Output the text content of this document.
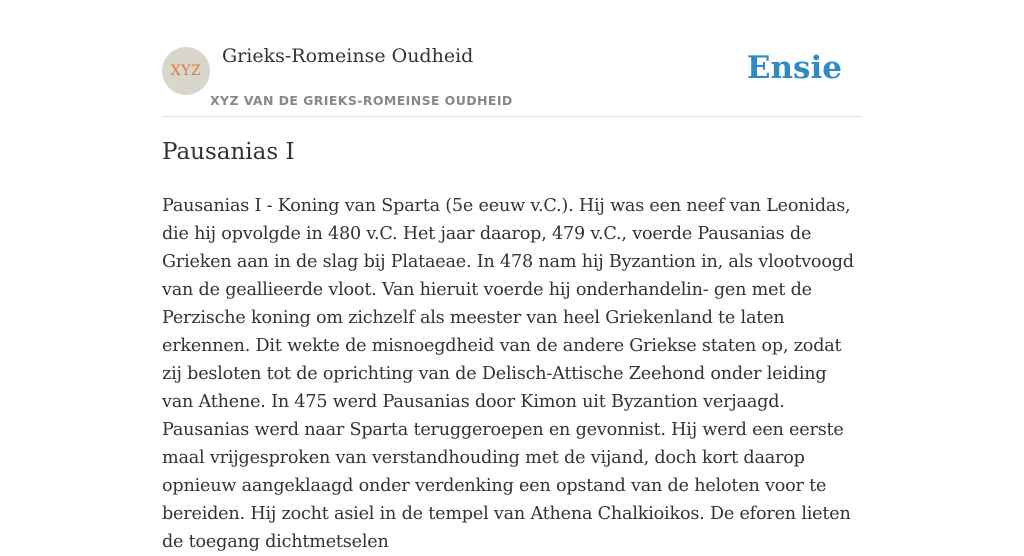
XYZ
Grieks-Romeinse Oudheid
XYZ VAN DE GRIEKS-ROMEINSE OUDHEID
Ensie
Pausanias I

Pausanias I - Koning van Sparta (5e eeuw v.C.). Hij was een neef van Leonidas, die hij opvolgde in 480 v.C. Het jaar daarop, 479 v.C., voerde Pausanias de Grieken aan in de slag bij Plataeae. In 478 nam hij Byzantion in, als vlootvoogd van de geallieerde vloot. Van hieruit voerde hij onderhandelin- gen met de Perzische koning om zichzelf als meester van heel Griekenland te laten erkennen. Dit wekte de misnoegdheid van de andere Griekse staten op, zodat zij besloten tot de oprichting van de Delisch-Attische Zeehond onder leiding van Athene. In 475 werd Pausanias door Kimon uit Byzantion verjaagd. Pausanias werd naar Sparta teruggeroepen en gevonnist. Hij werd een eerste maal vrijgesproken van verstandhouding met de vijand, doch kort daarop opnieuw aangeklaagd onder verdenking een opstand van de heloten voor te bereiden. Hij zocht asiel in de tempel van Athena Chalkioikos. De eforen lieten de toegang dichtmetselen
